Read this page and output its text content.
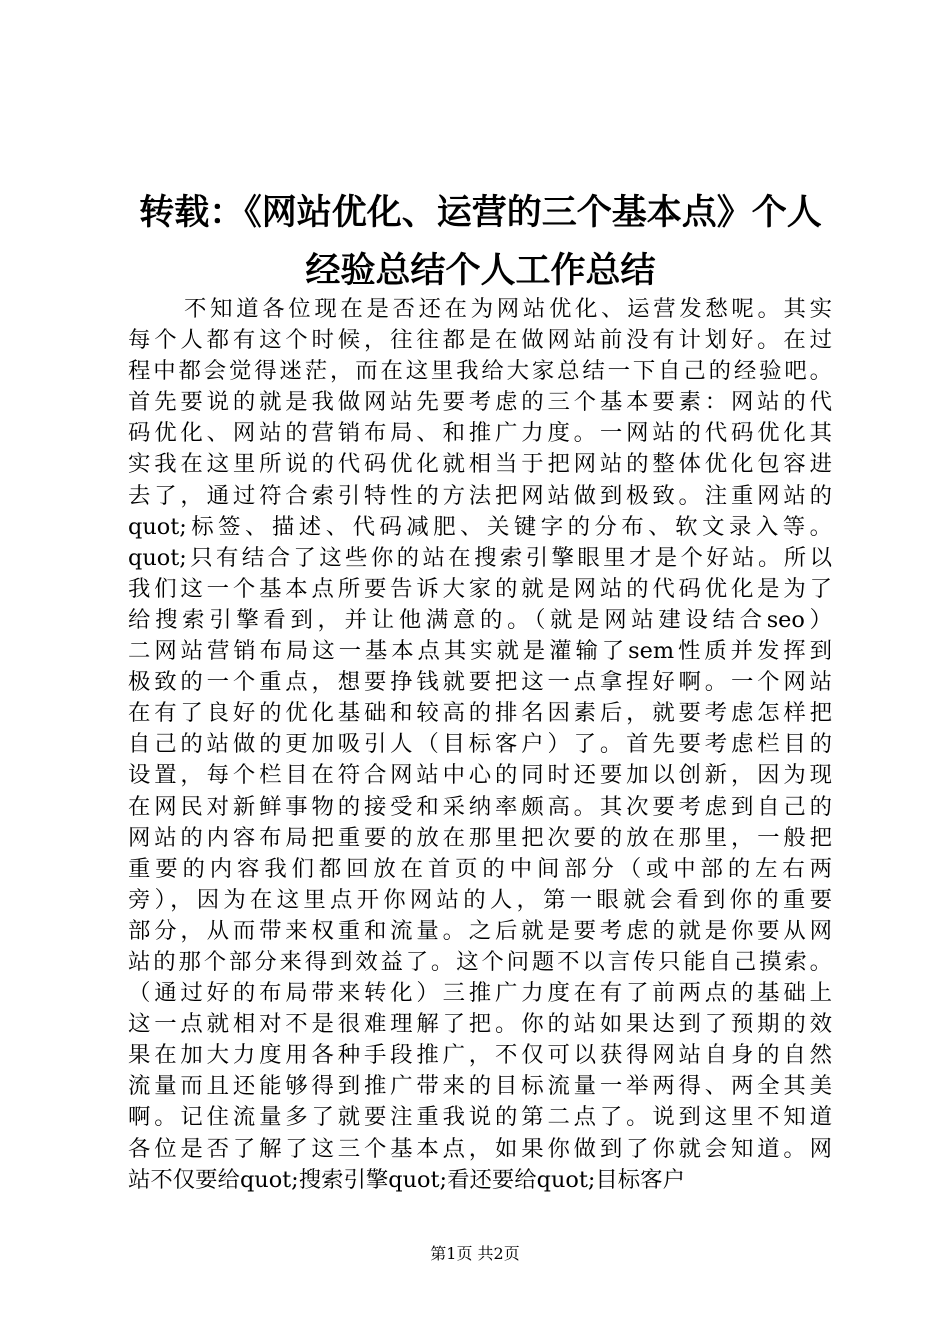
转载：《网站优化、运营的三个基本点》个人
经验总结个人工作总结
不知道各位现在是否还在为网站优化、运营发愁呢。其实
每个人都有这个时候，往往都是在做网站前没有计划好。在过
程中都会觉得迷茫，而在这里我给大家总结一下自己的经验吧。
首先要说的就是我做网站先要考虑的三个基本要素：网站的代
码优化、网站的营销布局、和推广力度。一网站的代码优化其
实我在这里所说的代码优化就相当于把网站的整体优化包容进
去了，通过符合索引特性的方法把网站做到极致。注重网站的
quot;标签、描述、代码减肥、关键字的分布、软文录入等。
quot;只有结合了这些你的站在搜索引擎眼里才是个好站。所以
我们这一个基本点所要告诉大家的就是网站的代码优化是为了
给搜索引擎看到，并让他满意的。（就是网站建设结合seo）
二网站营销布局这一基本点其实就是灌输了sem性质并发挥到
极致的一个重点，想要挣钱就要把这一点拿捏好啊。一个网站
在有了良好的优化基础和较高的排名因素后，就要考虑怎样把
自己的站做的更加吸引人（目标客户）了。首先要考虑栏目的
设置，每个栏目在符合网站中心的同时还要加以创新，因为现
在网民对新鲜事物的接受和采纳率颇高。其次要考虑到自己的
网站的内容布局把重要的放在那里把次要的放在那里，一般把
重要的内容我们都回放在首页的中间部分（或中部的左右两
旁），因为在这里点开你网站的人，第一眼就会看到你的重要
部分，从而带来权重和流量。之后就是要考虑的就是你要从网
站的那个部分来得到效益了。这个问题不以言传只能自己摸索。
（通过好的布局带来转化）三推广力度在有了前两点的基础上
这一点就相对不是很难理解了把。你的站如果达到了预期的效
果在加大力度用各种手段推广，不仅可以获得网站自身的自然
流量而且还能够得到推广带来的目标流量一举两得、两全其美
啊。记住流量多了就要注重我说的第二点了。说到这里不知道
各位是否了解了这三个基本点，如果你做到了你就会知道。网
站不仅要给quot;搜索引擎quot;看还要给quot;目标客户
第1页 共2页
